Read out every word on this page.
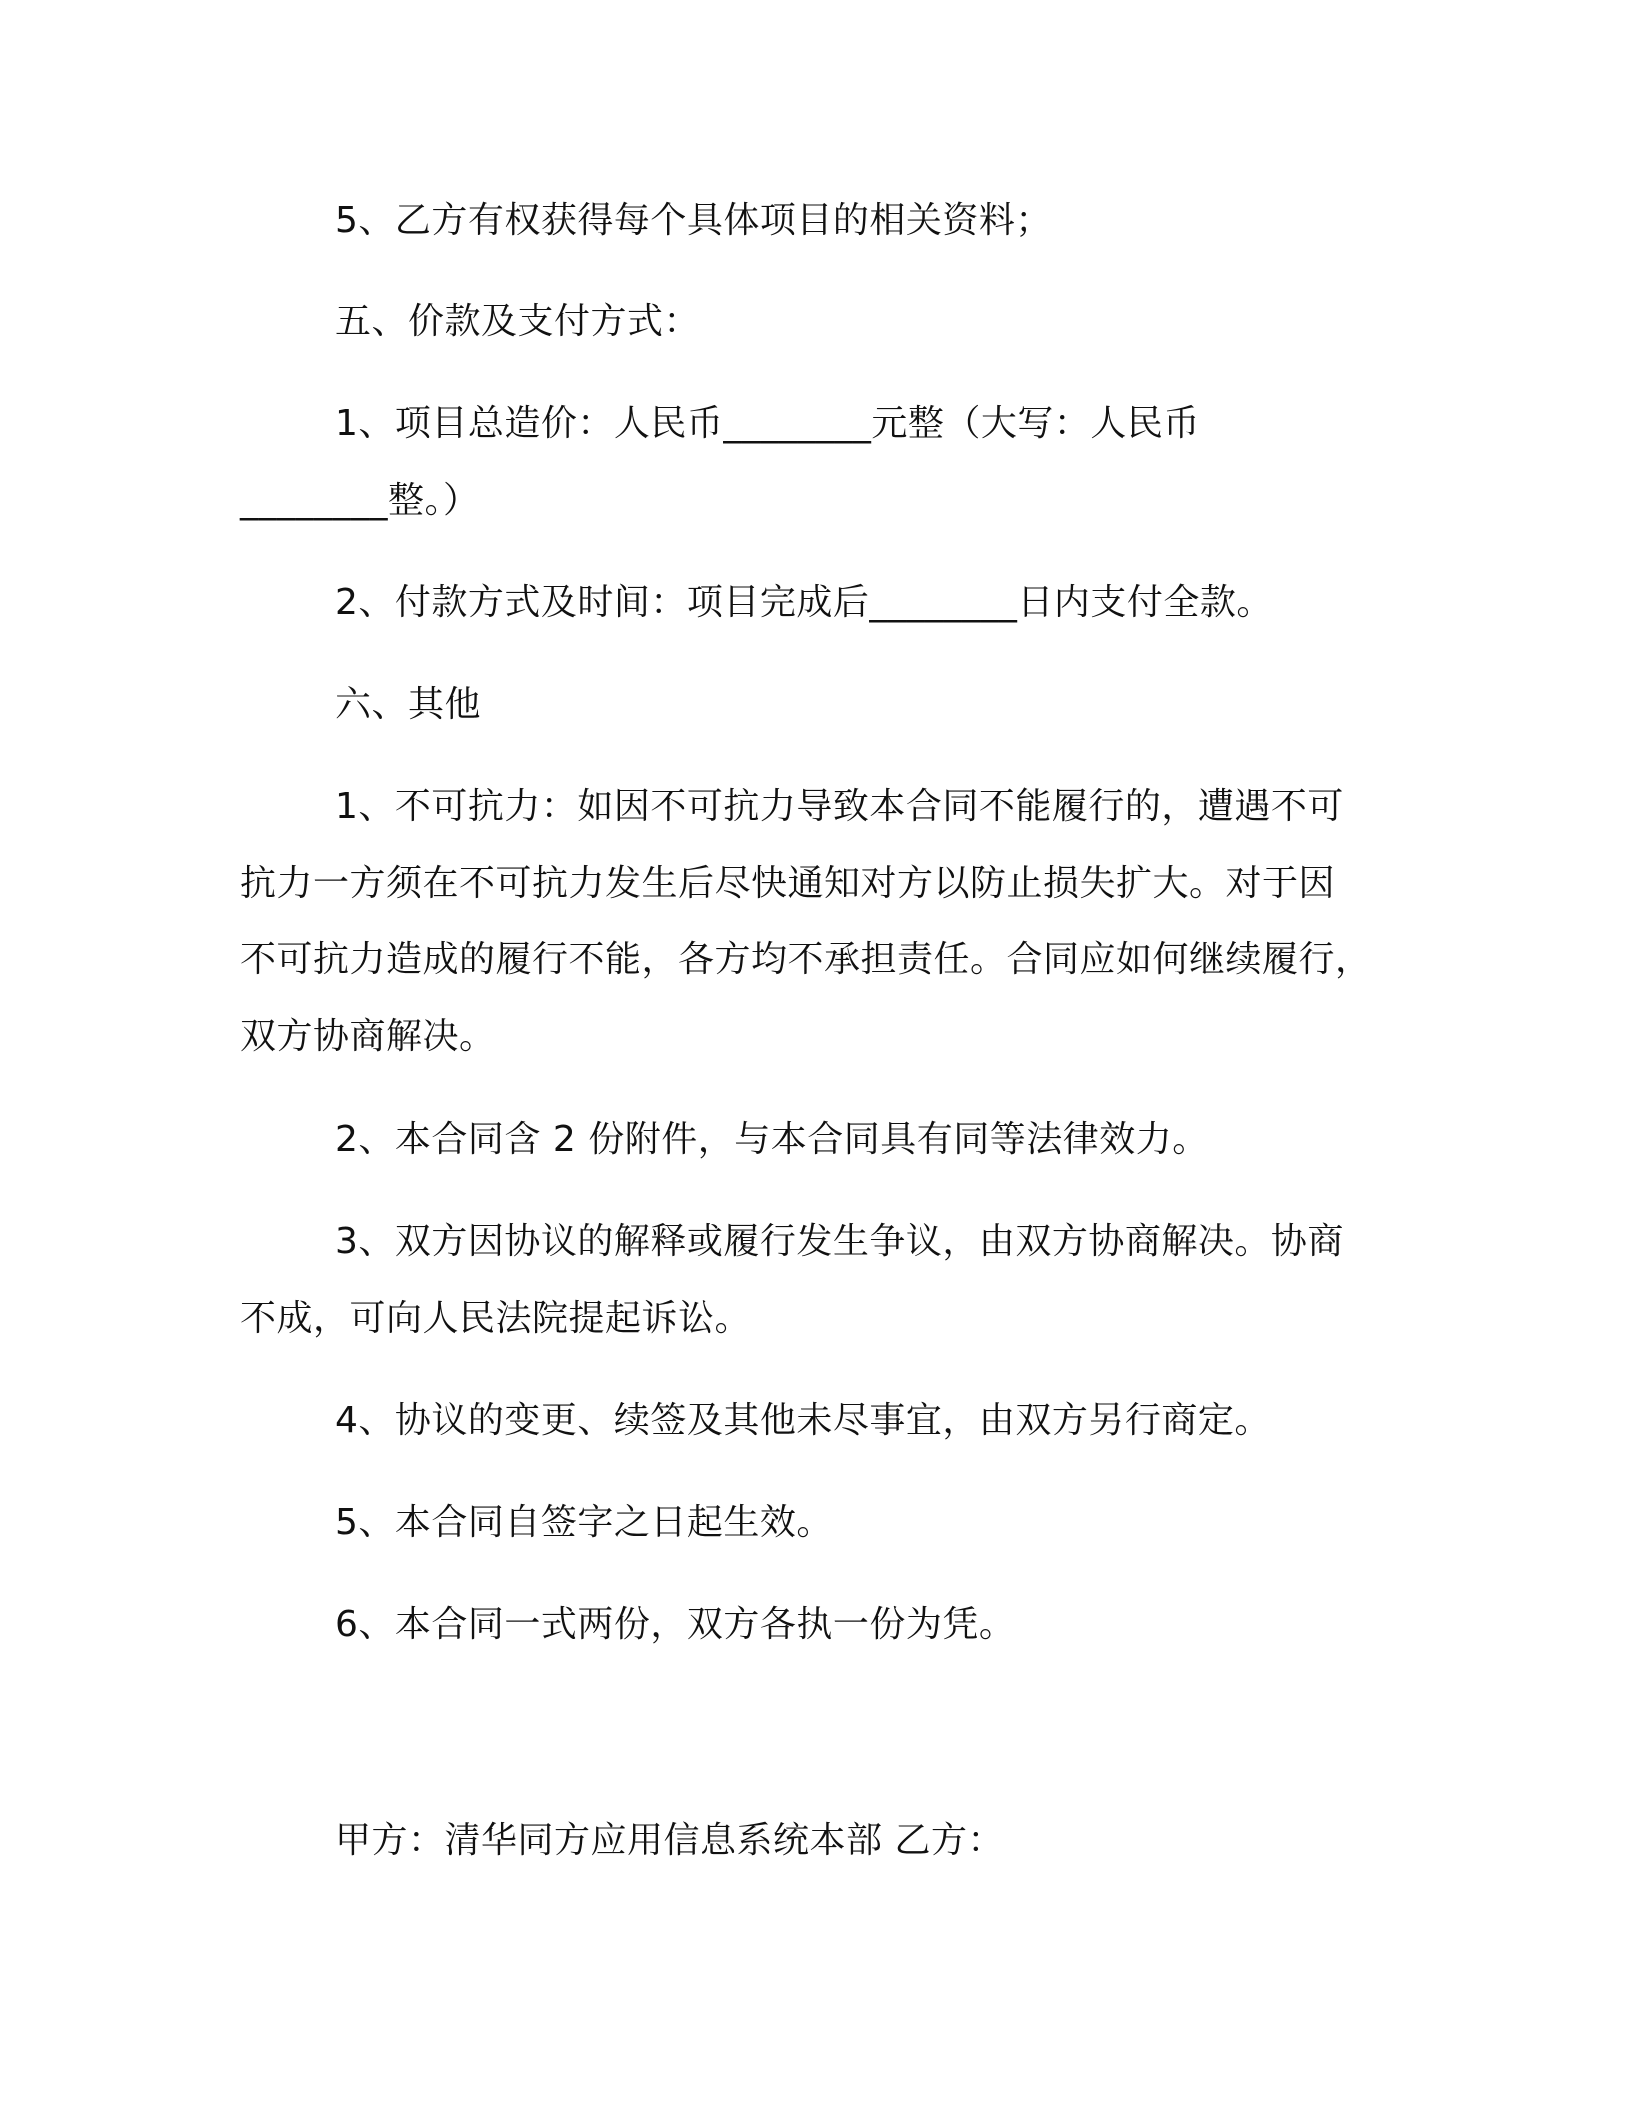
5、乙方有权获得每个具体项目的相关资料；
五、价款及支付方式：
1、项目总造价：人民币________元整（大写：人民币
________整。）
2、付款方式及时间：项目完成后________日内支付全款。
六、其他
1、不可抗力：如因不可抗力导致本合同不能履行的，遭遇不可
抗力一方须在不可抗力发生后尽快通知对方以防止损失扩大。对于因
不可抗力造成的履行不能，各方均不承担责任。合同应如何继续履行，
双方协商解决。
2、本合同含 2 份附件，与本合同具有同等法律效力。
3、双方因协议的解释或履行发生争议，由双方协商解决。协商
不成，可向人民法院提起诉讼。
4、协议的变更、续签及其他未尽事宜，由双方另行商定。
5、本合同自签字之日起生效。
6、本合同一式两份，双方各执一份为凭。
甲方：清华同方应用信息系统本部 乙方：
